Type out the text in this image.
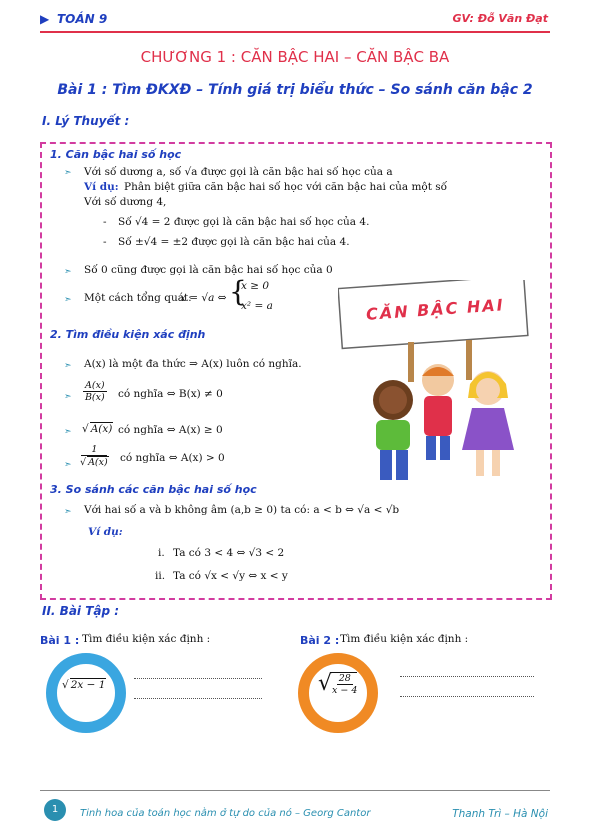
▶ TOÁN 9	GV: Đỗ Văn Đạt
CHƯƠNG 1 : CĂN BẬC HAI – CĂN BẬC BA
Bài 1 : Tìm ĐKXĐ – Tính giá trị biểu thức – So sánh căn bậc 2
I. Lý Thuyết :
1. Căn bậc hai số học
➣ Với số dương a, số √a được gọi là căn bậc hai số học của a
Ví dụ: Phân biệt giữa căn bậc hai số học với căn bậc hai của một số
Với số dương 4,
- Số √4 = 2 được gọi là căn bậc hai số học của 4.
- Số ±√4 = ±2 được gọi là căn bậc hai của 4.
➣ Số 0 cũng được gọi là căn bậc hai số học của 0
➣ Một cách tổng quát:
x = √a ⇔ {
x ≥ 0
x² = a
2. Tìm điều kiện xác định
➣ A(x) là một đa thức ⇒ A(x) luôn có nghĩa.
➣ $\frac{A(x)}{B(x)}$ có nghĩa ⇔ B(x) ≠ 0
➣ √ A(x) có nghĩa ⇔ A(x) ≥ 0
➣ $\frac{1}{√ A(x)}$ có nghĩa ⇔ A(x) > 0
3. So sánh các căn bậc hai số học
➣ Với hai số a và b không âm (a,b ≥ 0) ta có: a < b ⇔ √a < √b
Ví dụ:
i. Ta có 3 < 4 ⇔ √3 < 2
ii. Ta có √x < √y ⇔ x < y
CĂN BẬC HAI
II. Bài Tập :
Bài 1 : Tìm điều kiện xác định :
√ 2x − 1
Bài 2 : Tìm điều kiện xác định :
√ $\frac{28}{x - 4}$
1	Tinh hoa của toán học nằm ở tự do của nó – Georg Cantor	Thanh Trì – Hà Nội
